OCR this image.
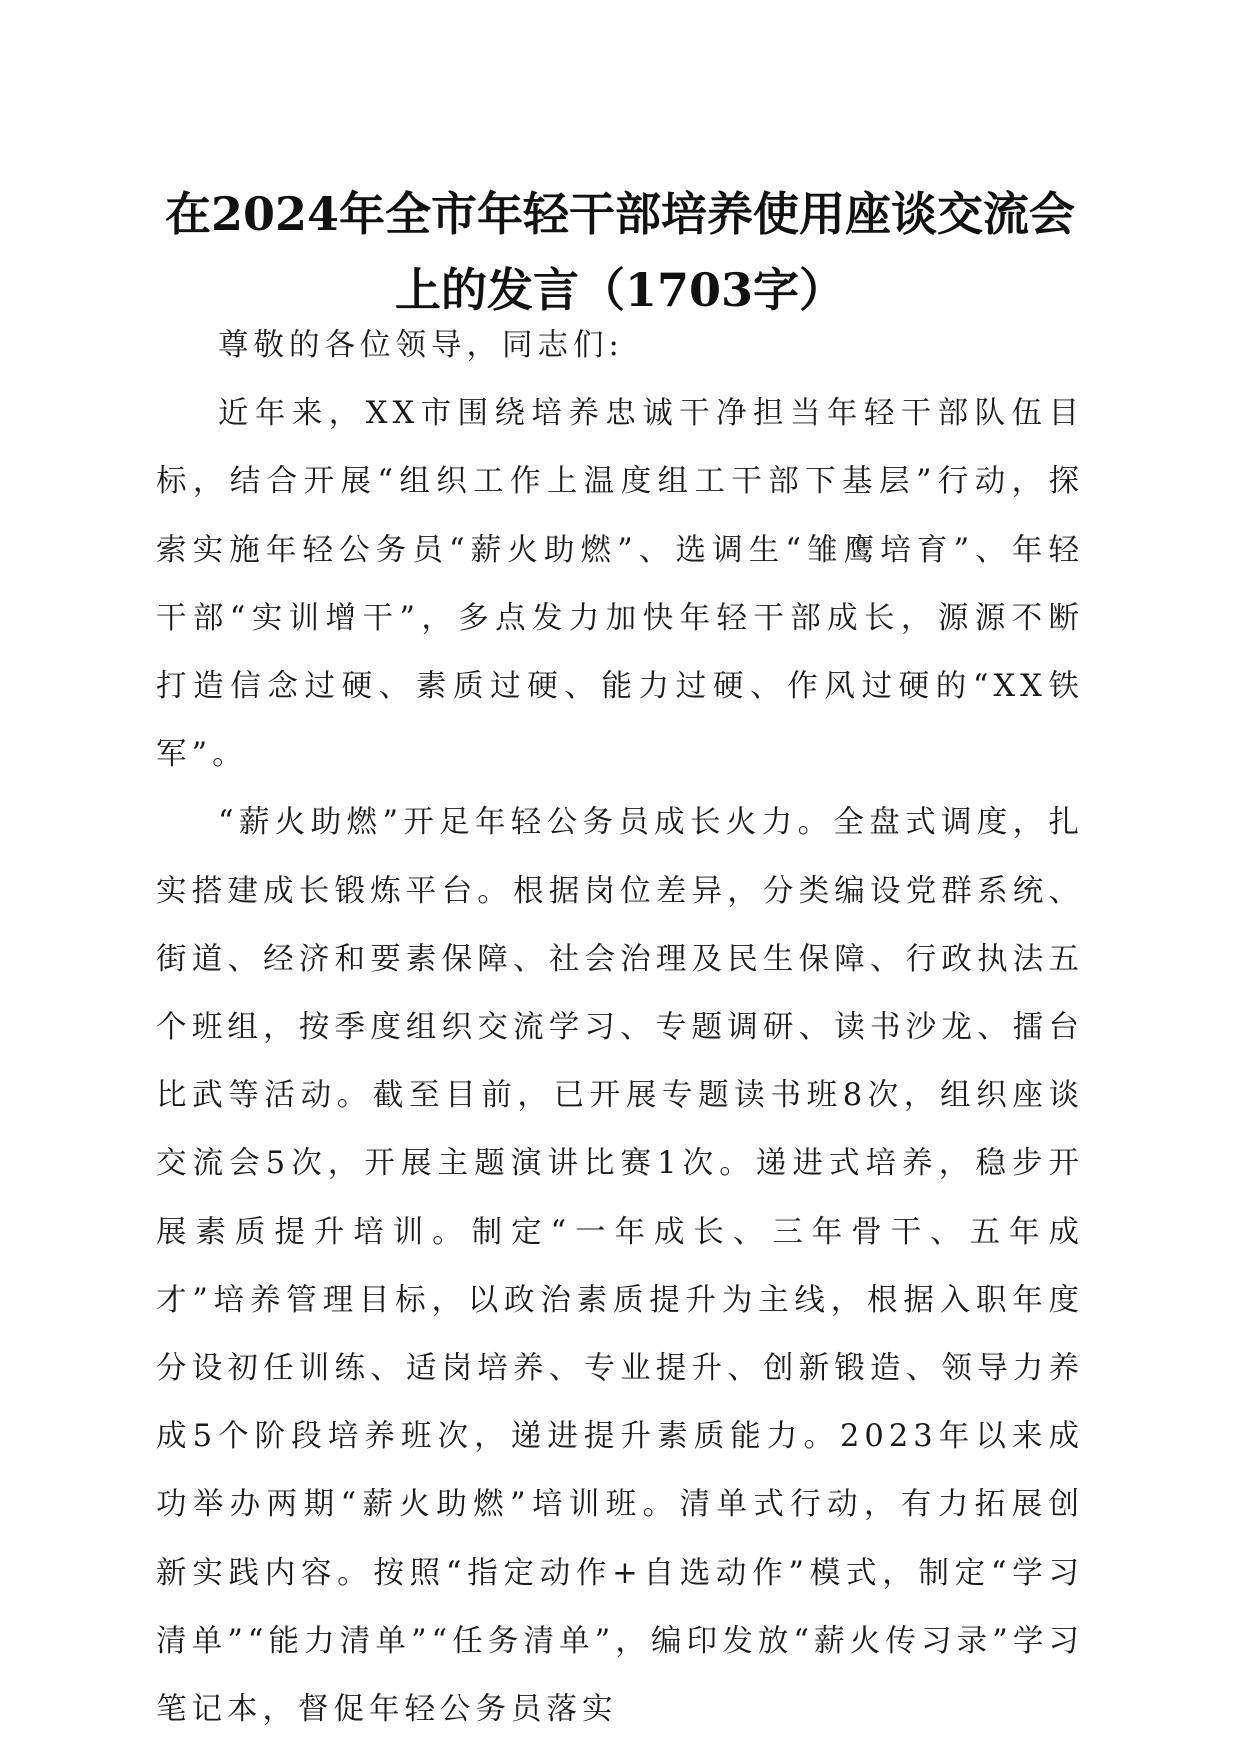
在2024年全市年轻干部培养使用座谈交流会
上的发言（1703字）

尊敬的各位领导，同志们:

近年来，XX市围绕培养忠诚干净担当年轻干部队伍目标，结合开展“组织工作上温度组工干部下基层”行动，探索实施年轻公务员“薪火助燃”、选调生“雏鹰培育”、年轻干部“实训增干”，多点发力加快年轻干部成长，源源不断打造信念过硬、素质过硬、能力过硬、作风过硬的“XX铁军”。

“薪火助燃”开足年轻公务员成长火力。全盘式调度，扎实搭建成长锻炼平台。根据岗位差异，分类编设党群系统、街道、经济和要素保障、社会治理及民生保障、行政执法五个班组，按季度组织交流学习、专题调研、读书沙龙、擂台比武等活动。截至目前，已开展专题读书班8次，组织座谈交流会5次，开展主题演讲比赛1次。递进式培养，稳步开展素质提升培训。制定“一年成长、三年骨干、五年成才”培养管理目标，以政治素质提升为主线，根据入职年度分设初任训练、适岗培养、专业提升、创新锻造、领导力养成5个阶段培养班次，递进提升素质能力。2023年以来成功举办两期“薪火助燃”培训班。清单式行动，有力拓展创新实践内容。按照“指定动作+自选动作”模式，制定“学习清单”“能力清单”“任务清单”，编印发放“薪火传习录”学习笔记本，督促年轻公务员落实
